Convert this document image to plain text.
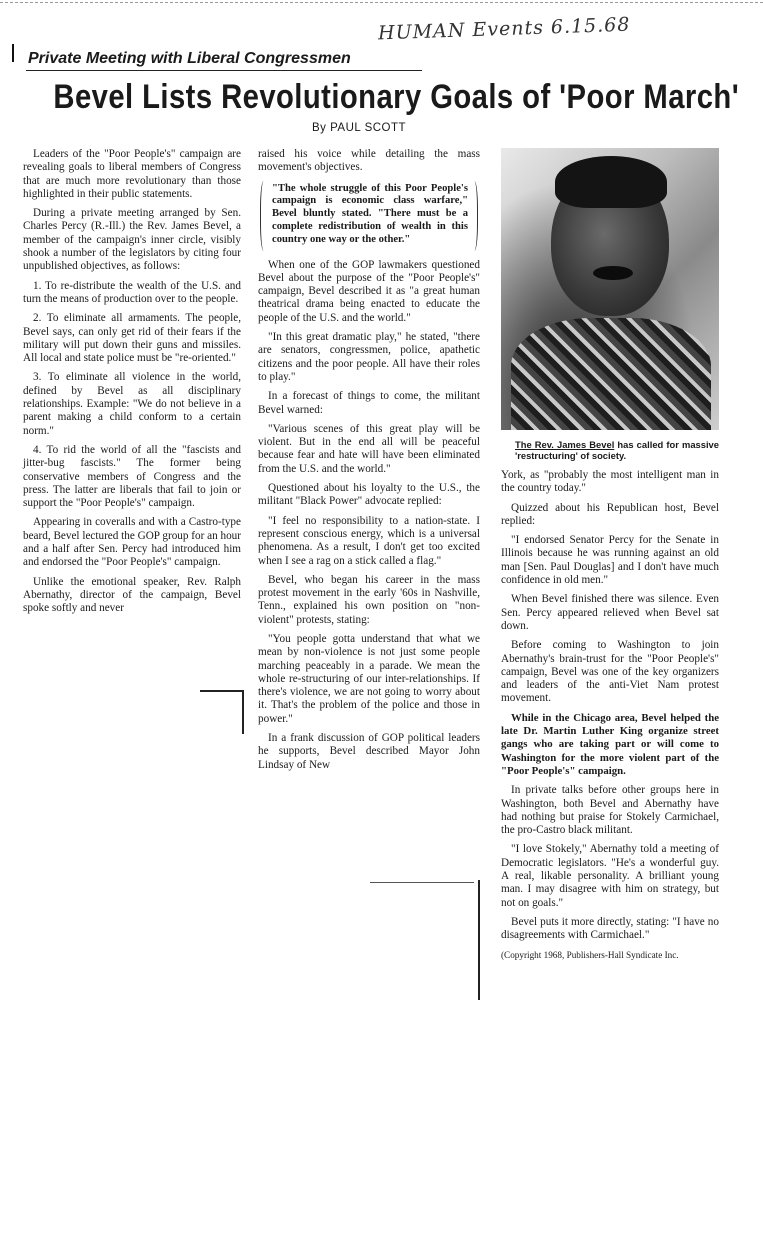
HUMAN Events 6.15.68
Private Meeting with Liberal Congressmen
Bevel Lists Revolutionary Goals of 'Poor March'
By PAUL SCOTT

Leaders of the "Poor People's" campaign are revealing goals to liberal members of Congress that are much more revolutionary than those highlighted in their public statements.

During a private meeting arranged by Sen. Charles Percy (R.-Ill.) the Rev. James Bevel, a member of the campaign's inner circle, visibly shook a number of the legislators by citing four unpublished objectives, as follows:

1. To re-distribute the wealth of the U.S. and turn the means of production over to the people.

2. To eliminate all armaments. The people, Bevel says, can only get rid of their fears if the military will put down their guns and missiles. All local and state police must be "re-oriented."

3. To eliminate all violence in the world, defined by Bevel as all disciplinary relationships. Example: "We do not believe in a parent making a child conform to a certain norm."

4. To rid the world of all the "fascists and jitter-bug fascists." The former being conservative members of Congress and the press. The latter are liberals that fail to join or support the "Poor People's" campaign.

Appearing in coveralls and with a Castro-type beard, Bevel lectured the GOP group for an hour and a half after Sen. Percy had introduced him and endorsed the "Poor People's" campaign.

Unlike the emotional speaker, Rev. Ralph Abernathy, director of the campaign, Bevel spoke softly and never

raised his voice while detailing the mass movement's objectives.

"The whole struggle of this Poor People's campaign is economic class warfare," Bevel bluntly stated. "There must be a complete redistribution of wealth in this country one way or the other."

When one of the GOP lawmakers questioned Bevel about the purpose of the "Poor People's" campaign, Bevel described it as "a great human theatrical drama being enacted to educate the people of the U.S. and the world."

"In this great dramatic play," he stated, "there are senators, congressmen, police, apathetic citizens and the poor people. All have their roles to play."

In a forecast of things to come, the militant Bevel warned:

"Various scenes of this great play will be violent. But in the end all will be peaceful because fear and hate will have been eliminated from the U.S. and the world."

Questioned about his loyalty to the U.S., the militant "Black Power" advocate replied:

"I feel no responsibility to a nation-state. I represent conscious energy, which is a universal phenomena. As a result, I don't get too excited when I see a rag on a stick called a flag."

Bevel, who began his career in the mass protest movement in the early '60s in Nashville, Tenn., explained his own position on "non-violent" protests, stating:

"You people gotta understand that what we mean by non-violence is not just some people marching peaceably in a parade. We mean the whole re-structuring of our inter-relationships. If there's violence, we are not going to worry about it. That's the problem of the police and those in power."

In a frank discussion of GOP political leaders he supports, Bevel described Mayor John Lindsay of New

The Rev. James Bevel has called for massive 'restructuring' of society.

York, as "probably the most intelligent man in the country today."

Quizzed about his Republican host, Bevel replied:

"I endorsed Senator Percy for the Senate in Illinois because he was running against an old man [Sen. Paul Douglas] and I don't have much confidence in old men."

When Bevel finished there was silence. Even Sen. Percy appeared relieved when Bevel sat down.

Before coming to Washington to join Abernathy's brain-trust for the "Poor People's" campaign, Bevel was one of the key organizers and leaders of the anti-Viet Nam protest movement.

While in the Chicago area, Bevel helped the late Dr. Martin Luther King organize street gangs who are taking part or will come to Washington for the more violent part of the "Poor People's" campaign.

In private talks before other groups here in Washington, both Bevel and Abernathy have had nothing but praise for Stokely Carmichael, the pro-Castro black militant.

"I love Stokely," Abernathy told a meeting of Democratic legislators. "He's a wonderful guy. A real, likable personality. A brilliant young man. I may disagree with him on strategy, but not on goals."

Bevel puts it more directly, stating: "I have no disagreements with Carmichael."

(Copyright 1968, Publishers-Hall Syndicate Inc.
